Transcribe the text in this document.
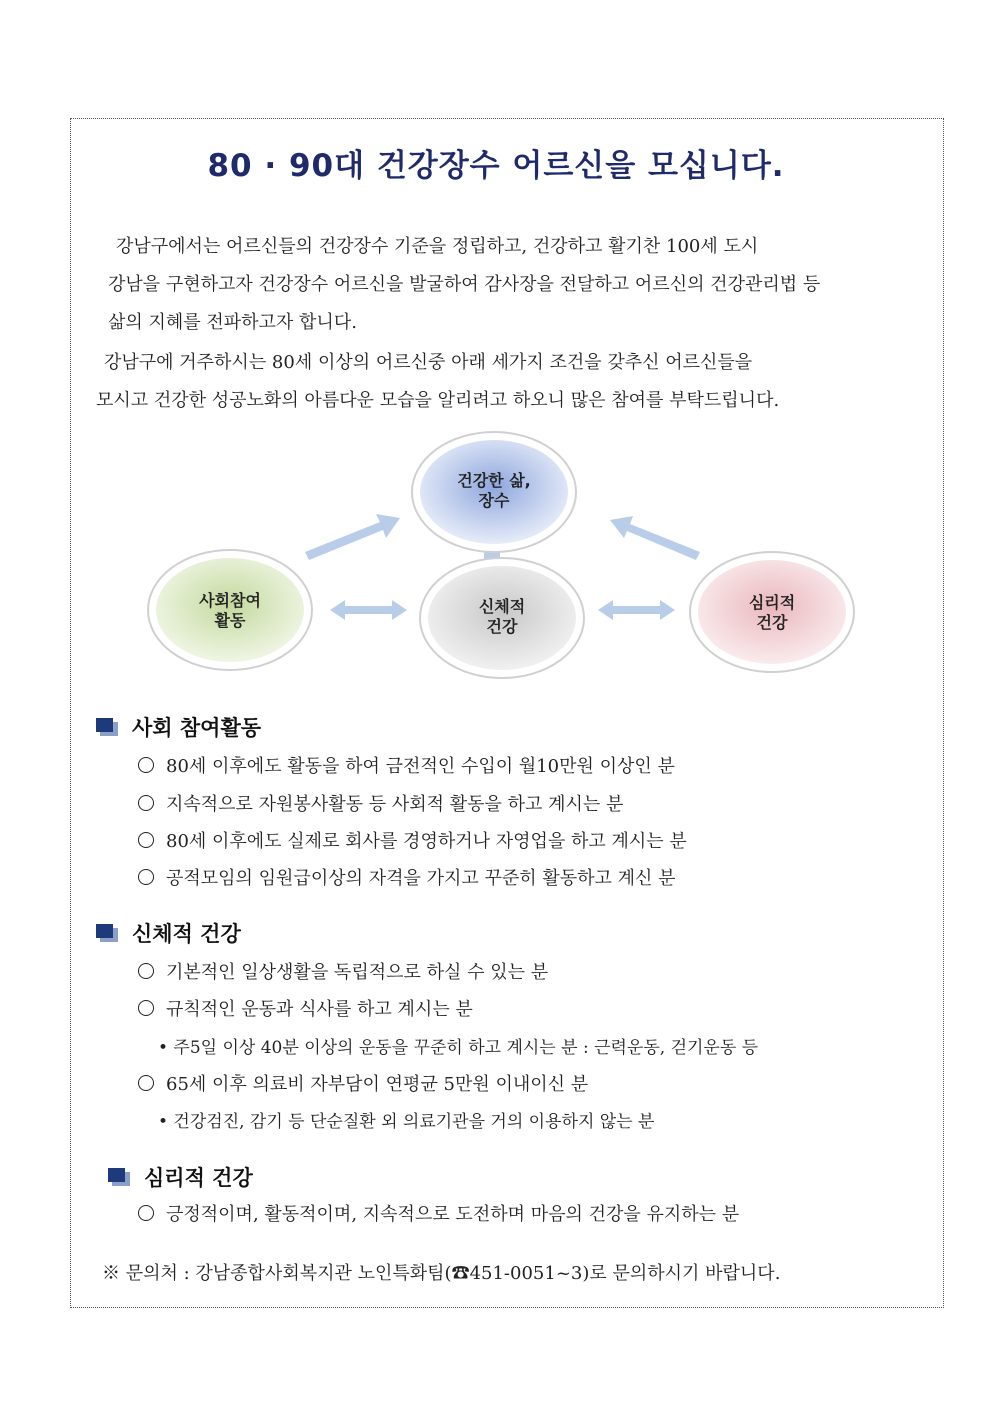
80 · 90대 건강장수 어르신을 모십니다.
강남구에서는 어르신들의 건강장수 기준을 정립하고, 건강하고 활기찬 100세 도시
강남을 구현하고자 건강장수 어르신을 발굴하여 감사장을 전달하고 어르신의 건강관리법 등
삶의 지혜를 전파하고자 합니다.
강남구에 거주하시는 80세 이상의 어르신중 아래 세가지 조건을 갖추신 어르신들을
모시고 건강한 성공노화의 아름다운 모습을 알리려고 하오니 많은 참여를 부탁드립니다.
건강한 삶,
장수
사회참여
활동
신체적
건강
심리적
건강
사회 참여활동
80세 이후에도 활동을 하여 금전적인 수입이 월10만원 이상인 분
지속적으로 자원봉사활동 등 사회적 활동을 하고 계시는 분
80세 이후에도 실제로 회사를 경영하거나 자영업을 하고 계시는 분
공적모임의 임원급이상의 자격을 가지고 꾸준히 활동하고 계신 분
신체적 건강
기본적인 일상생활을 독립적으로 하실 수 있는 분
규칙적인 운동과 식사를 하고 계시는 분
• 주5일 이상 40분 이상의 운동을 꾸준히 하고 계시는 분 : 근력운동, 걷기운동 등
65세 이후 의료비 자부담이 연평균 5만원 이내이신 분
• 건강검진, 감기 등 단순질환 외 의료기관을 거의 이용하지 않는 분
심리적 건강
긍정적이며, 활동적이며, 지속적으로 도전하며 마음의 건강을 유지하는 분
※ 문의처 : 강남종합사회복지관 노인특화팀(☎451-0051~3)로 문의하시기 바랍니다.
